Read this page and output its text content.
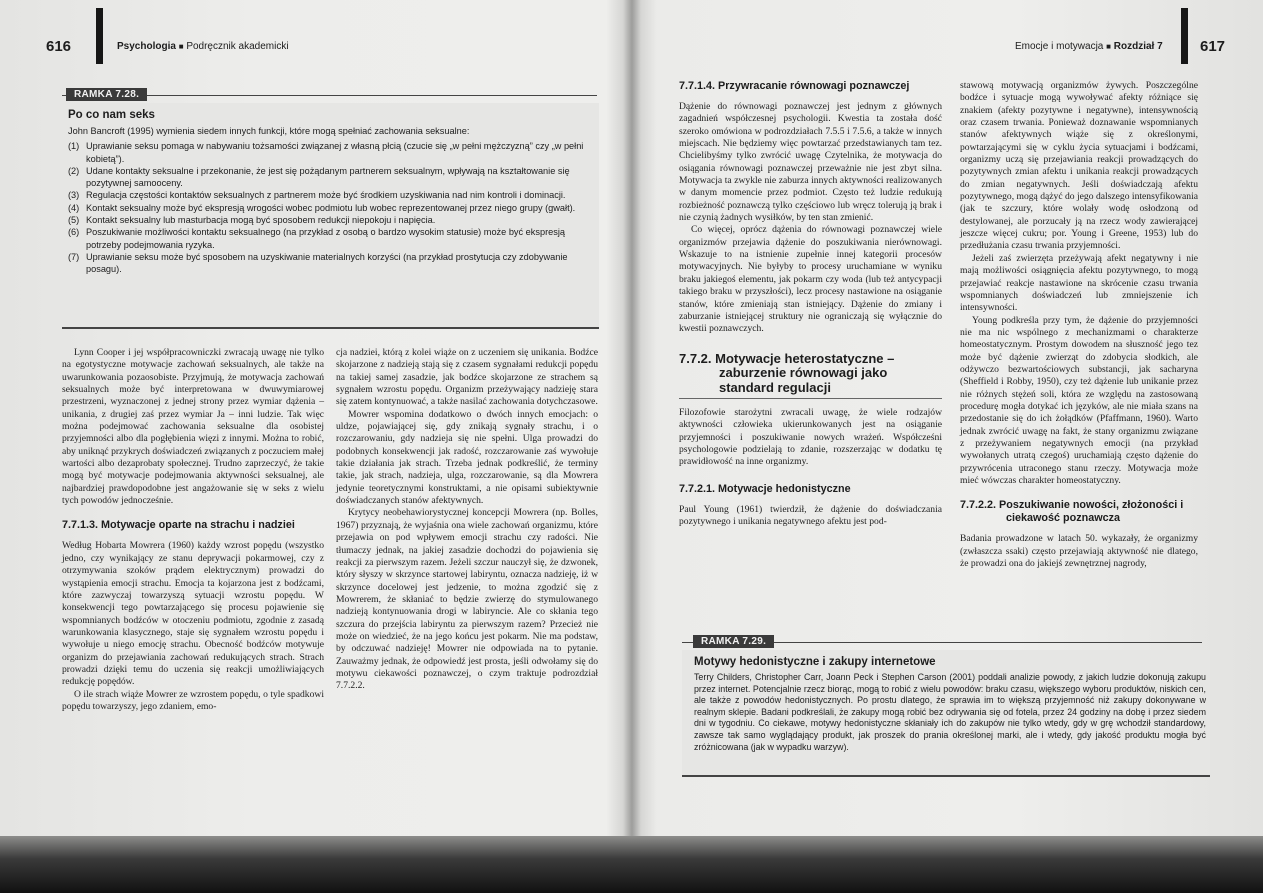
616	Psychologia ■ Podręcznik akademicki	Emocje i motywacja ■ Rozdział 7 617
RAMKA 7.28.
Po co nam seks

John Bancroft (1995) wymienia siedem innych funkcji, które mogą spełniać zachowania seksualne:

(1) Uprawianie seksu pomaga w nabywaniu tożsamości związanej z własną płcią (czucie się „w pełni mężczyzną” czy „w pełni kobietą”).
(2) Udane kontakty seksualne i przekonanie, że jest się pożądanym partnerem seksualnym, wpływają na kształtowanie się pozytywnej samooceny.
(3) Regulacja częstości kontaktów seksualnych z partnerem może być środkiem uzyskiwania nad nim kontroli i dominacji.
(4) Kontakt seksualny może być ekspresją wrogości wobec podmiotu lub wobec reprezentowanej przez niego grupy (gwałt).
(5) Kontakt seksualny lub masturbacja mogą być sposobem redukcji niepokoju i napięcia.
(6) Poszukiwanie możliwości kontaktu seksualnego (na przykład z osobą o bardzo wysokim statusie) może być ekspresją potrzeby podejmowania ryzyka.
(7) Uprawianie seksu może być sposobem na uzyskiwanie materialnych korzyści (na przykład prostytucja czy zdobywanie posagu).

Lynn Cooper i jej współpracowniczki zwracają uwagę nie tylko na egotystyczne motywacje zachowań seksualnych, ale także na uwarunkowania pozaosobiste. Przyjmują, że motywacja zachowań seksualnych może być interpretowana w dwuwymiarowej przestrzeni, wyznaczonej z jednej strony przez wymiar dążenia – unikania, z drugiej zaś przez wymiar Ja – inni ludzie. Tak więc można podejmować zachowania seksualne dla osobistej przyjemności albo dla pogłębienia więzi z innymi. Można to robić, aby uniknąć przykrych doświadczeń związanych z poczuciem małej wartości albo dezaprobaty społecznej. Trudno zaprzeczyć, że takie mogą być motywacje podejmowania aktywności seksualnej, ale najbardziej prawdopodobne jest angażowanie się w seks z wielu tych powodów jednocześnie.

7.7.1.3. Motywacje oparte na strachu i nadziei

Według Hobarta Mowrera (1960) każdy wzrost popędu (wszystko jedno, czy wynikający ze stanu deprywacji pokarmowej, czy z otrzymywania szoków prądem elektrycznym) prowadzi do wystąpienia emocji strachu. Emocja ta kojarzona jest z bodźcami, które zazwyczaj towarzyszą sytuacji wzrostu popędu. W konsekwencji tego powtarzającego się procesu pojawienie się wspomnianych bodźców w otoczeniu podmiotu, zgodnie z zasadą warunkowania klasycznego, staje się sygnałem wzrostu popędu i wywołuje u niego emocję strachu. Obecność bodźców motywuje organizm do przejawiania zachowań redukujących strach. Strach prowadzi dzięki temu do uczenia się reakcji umożliwiających redukcję popędów.

O ile strach wiąże Mowrer ze wzrostem popędu, o tyle spadkowi popędu towarzyszy, jego zdaniem, emo-

cja nadziei, którą z kolei wiąże on z uczeniem się unikania. Bodźce skojarzone z nadzieją stają się z czasem sygnałami redukcji popędu na takiej samej zasadzie, jak bodźce skojarzone ze strachem są sygnałem wzrostu popędu. Organizm przeżywający nadzieję stara się zatem kontynuować, a także nasilać zachowania dotychczasowe.

Mowrer wspomina dodatkowo o dwóch innych emocjach: o uldze, pojawiającej się, gdy znikają sygnały strachu, i o rozczarowaniu, gdy nadzieja się nie spełni. Ulga prowadzi do podobnych konsekwencji jak radość, rozczarowanie zaś wywołuje takie działania jak strach. Trzeba jednak podkreślić, że terminy takie, jak strach, nadzieja, ulga, rozczarowanie, są dla Mowrera jedynie teoretycznymi konstruktami, a nie opisami subiektywnie doświadczanych stanów afektywnych.

Krytycy neobehawiorystycznej koncepcji Mowrera (np. Bolles, 1967) przyznają, że wyjaśnia ona wiele zachowań organizmu, które przejawia on pod wpływem emocji strachu czy radości. Nie tłumaczy jednak, na jakiej zasadzie dochodzi do pojawienia się reakcji za pierwszym razem. Jeżeli szczur nauczył się, że dzwonek, który słyszy w skrzynce startowej labiryntu, oznacza nadzieję, iż w skrzynce docelowej jest jedzenie, to można zgodzić się z Mowrerem, że skłaniać to będzie zwierzę do stymulowanego nadzieją kontynuowania drogi w labiryncie. Ale co skłania tego szczura do przejścia labiryntu za pierwszym razem? Przecież nie może on wiedzieć, że na jego końcu jest pokarm. Nie ma podstaw, by odczuwać nadzieję! Mowrer nie odpowiada na to pytanie. Zauważmy jednak, że odpowiedź jest prosta, jeśli odwołamy się do motywu ciekawości poznawczej, o czym traktuje podrozdział 7.7.2.2.

7.7.1.4. Przywracanie równowagi poznawczej

Dążenie do równowagi poznawczej jest jednym z głównych zagadnień współczesnej psychologii. Kwestia ta została dość szeroko omówiona w podrozdziałach 7.5.5 i 7.5.6, a także w innych miejscach. Nie będziemy więc powtarzać przedstawianych tam tez. Chcielibyśmy tylko zwrócić uwagę Czytelnika, że motywacja do osiągania równowagi poznawczej przeważnie nie jest zbyt silna. Motywacja ta zwykle nie zaburza innych aktywności realizowanych w danym momencie przez podmiot. Często też ludzie redukują rozbieżność poznawczą tylko częściowo lub wręcz tolerują ją brak i nie czynią żadnych wysiłków, by ten stan zmienić.

Co więcej, oprócz dążenia do równowagi poznawczej wiele organizmów przejawia dążenie do poszukiwania nierównowagi. Wskazuje to na istnienie zupełnie innej kategorii procesów motywacyjnych. Nie byłyby to procesy uruchamiane w wyniku braku jakiegoś elementu, jak pokarm czy woda (lub też antycypacji takiego braku w przyszłości), lecz procesy nastawione na osiąganie stanów, które zmieniają stan istniejący. Dążenie do zmiany i zaburzanie istniejącej struktury nie ograniczają się wyłącznie do kwestii poznawczych.

7.7.2. Motywacje heterostatyczne – zaburzenie równowagi jako standard regulacji

Filozofowie starożytni zwracali uwagę, że wiele rodzajów aktywności człowieka ukierunkowanych jest na osiąganie przyjemności i poszukiwanie nowych wrażeń. Współcześni psychologowie podzielają to zdanie, rozszerzając w dodatku tę prawidłowość na inne organizmy.

7.7.2.1. Motywacje hedonistyczne

Paul Young (1961) twierdził, że dążenie do doświadczania pozytywnego i unikania negatywnego afektu jest pod-

stawową motywacją organizmów żywych. Poszczególne bodźce i sytuacje mogą wywoływać afekty różniące się znakiem (afekty pozytywne i negatywne), intensywnością oraz czasem trwania. Ponieważ doznawanie wspomnianych stanów afektywnych wiąże się z określonymi, powtarzającymi się w cyklu życia sytuacjami i bodźcami, organizmy uczą się przejawiania reakcji prowadzących do pozytywnych zmian afektu i unikania reakcji prowadzących do zmian negatywnych. Jeśli doświadczają afektu pozytywnego, mogą dążyć do jego dalszego intensyfikowania (jak te szczury, które wolały wodę osłodzoną od destylowanej, ale porzucały ją na rzecz wody zawierającej jeszcze więcej cukru; por. Young i Greene, 1953) lub do przedłużania czasu trwania przyjemności.

Jeżeli zaś zwierzęta przeżywają afekt negatywny i nie mają możliwości osiągnięcia afektu pozytywnego, to mogą przejawiać reakcje nastawione na skrócenie czasu trwania wspomnianych doświadczeń lub zmniejszenie ich intensywności.

Young podkreśla przy tym, że dążenie do przyjemności nie ma nic wspólnego z mechanizmami o charakterze homeostatycznym. Prostym dowodem na słuszność jego tez może być dążenie zwierząt do zdobycia słodkich, ale odżywczo bezwartościowych substancji, jak sacharyna (Sheffield i Robby, 1950), czy też dążenie lub unikanie przez nie różnych stężeń soli, która ze względu na zastosowaną procedurę mogła dotykać ich języków, ale nie miała szans na przedostanie się do ich żołądków (Pfaffmann, 1960). Warto jednak zwrócić uwagę na fakt, że stany organizmu związane z przeżywaniem negatywnych emocji (na przykład wywołanych utratą czegoś) uruchamiają często dążenie do przywrócenia utraconego stanu rzeczy. Motywacja może mieć wówczas charakter homeostatyczny.

7.7.2.2. Poszukiwanie nowości, złożoności i ciekawość poznawcza

Badania prowadzone w latach 50. wykazały, że organizmy (zwłaszcza ssaki) często przejawiają aktywność nie dlatego, że prowadzi ona do jakiejś zewnętrznej nagrody,

RAMKA 7.29.
Motywy hedonistyczne i zakupy internetowe

Terry Childers, Christopher Carr, Joann Peck i Stephen Carson (2001) poddali analizie powody, z jakich ludzie dokonują zakupu przez internet. Potencjalnie rzecz biorąc, mogą to robić z wielu powodów: braku czasu, większego wyboru produktów, niskich cen, ale także z powodów hedonistycznych. Po prostu dlatego, że sprawia im to większą przyjemność niż zakupy dokonywane w realnym sklepie. Badani podkreślali, że zakupy mogą robić bez odrywania się od fotela, przez 24 godziny na dobę i przez siedem dni w tygodniu. Co ciekawe, motywy hedonistyczne skłaniały ich do zakupów nie tylko wtedy, gdy w grę wchodził standardowy, zawsze tak samo wyglądający produkt, jak proszek do prania określonej marki, ale i wtedy, gdy jakość produktu mogła być zróżnicowana (jak w wypadku warzyw).
